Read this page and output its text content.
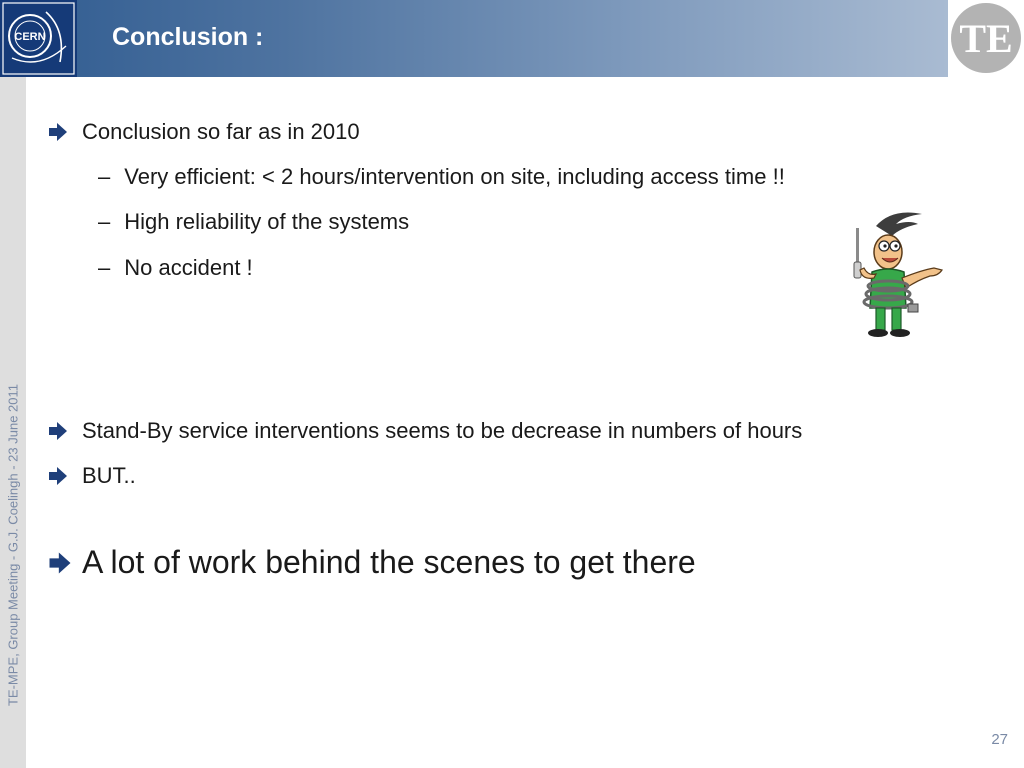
TE-MPE, Group Meeting - G.J. Coelingh - 23 June 2011
CERN	Conclusion :	TE
Conclusion so far as in 2010
– Very efficient: < 2 hours/intervention on site, including access time !!
– High reliability of the systems
– No accident !
Stand-By service interventions seems to be decrease in numbers of hours
BUT..
A lot of work behind the scenes to get there
27
